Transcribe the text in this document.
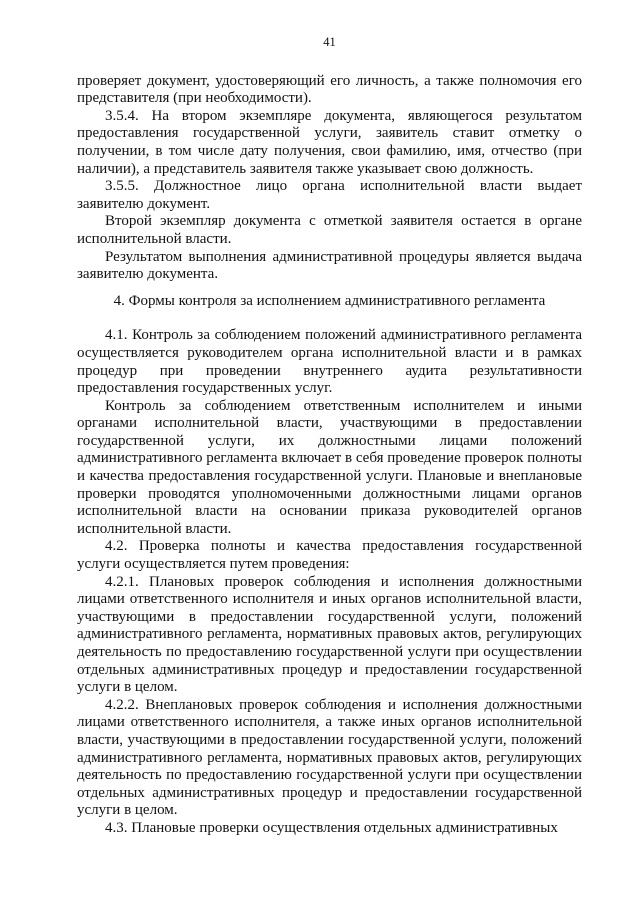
41

проверяет документ, удостоверяющий его личность, а также полномочия его представителя (при необходимости).

3.5.4. На втором экземпляре документа, являющегося результатом предоставления государственной услуги, заявитель ставит отметку о получении, в том числе дату получения, свои фамилию, имя, отчество (при наличии), а представитель заявителя также указывает свою должность.

3.5.5. Должностное лицо органа исполнительной власти выдает заявителю документ.

Второй экземпляр документа с отметкой заявителя остается в органе исполнительной власти.

Результатом выполнения административной процедуры является выдача заявителю документа.

4. Формы контроля за исполнением административного регламента

4.1. Контроль за соблюдением положений административного регламента осуществляется руководителем органа исполнительной власти и в рамках процедур при проведении внутреннего аудита результативности предоставления государственных услуг.

Контроль за соблюдением ответственным исполнителем и иными органами исполнительной власти, участвующими в предоставлении государственной услуги, их должностными лицами положений административного регламента включает в себя проведение проверок полноты и качества предоставления государственной услуги. Плановые и внеплановые проверки проводятся уполномоченными должностными лицами органов исполнительной власти на основании приказа руководителей органов исполнительной власти.

4.2. Проверка полноты и качества предоставления государственной услуги осуществляется путем проведения:

4.2.1. Плановых проверок соблюдения и исполнения должностными лицами ответственного исполнителя и иных органов исполнительной власти, участвующими в предоставлении государственной услуги, положений административного регламента, нормативных правовых актов, регулирующих деятельность по предоставлению государственной услуги при осуществлении отдельных административных процедур и предоставлении государственной услуги в целом.

4.2.2. Внеплановых проверок соблюдения и исполнения должностными лицами ответственного исполнителя, а также иных органов исполнительной власти, участвующими в предоставлении государственной услуги, положений административного регламента, нормативных правовых актов, регулирующих деятельность по предоставлению государственной услуги при осуществлении отдельных административных процедур и предоставлении государственной услуги в целом.

4.3. Плановые проверки осуществления отдельных административных
